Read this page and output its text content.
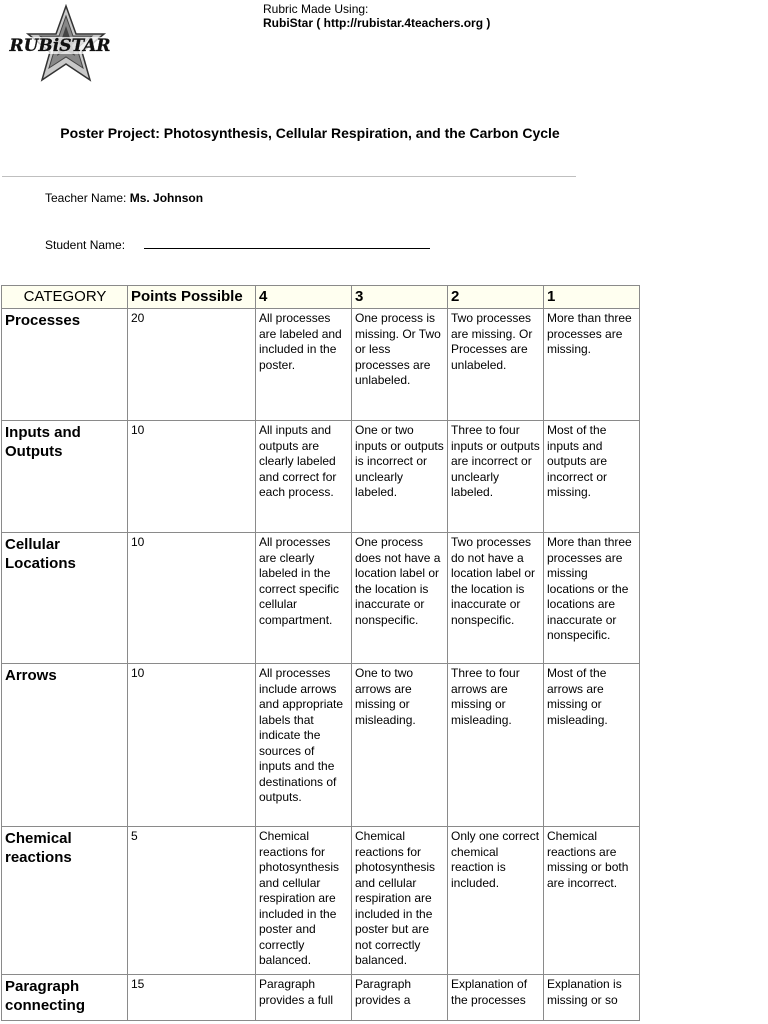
RUBiSTAR
Rubric Made Using:
RubiStar ( http://rubistar.4teachers.org )
Poster Project: Photosynthesis, Cellular Respiration, and the Carbon Cycle
Teacher Name: Ms. Johnson
Student Name:
CATEGORY	Points Possible	4	3	2	1
Processes	20	All processes are labeled and included in the poster.	One process is missing. Or Two or less processes are unlabeled.	Two processes are missing. Or Processes are unlabeled.	More than three processes are missing.
Inputs and Outputs	10	All inputs and outputs are clearly labeled and correct for each process.	One or two inputs or outputs is incorrect or unclearly labeled.	Three to four inputs or outputs are incorrect or unclearly labeled.	Most of the inputs and outputs are incorrect or missing.
Cellular Locations	10	All processes are clearly labeled in the correct specific cellular compartment.	One process does not have a location label or the location is inaccurate or nonspecific.	Two processes do not have a location label or the location is inaccurate or nonspecific.	More than three processes are missing locations or the locations are inaccurate or nonspecific.
Arrows	10	All processes include arrows and appropriate labels that indicate the sources of inputs and the destinations of outputs.	One to two arrows are missing or misleading.	Three to four arrows are missing or misleading.	Most of the arrows are missing or misleading.
Chemical reactions	5	Chemical reactions for photosynthesis and cellular respiration are included in the poster and correctly balanced.	Chemical reactions for photosynthesis and cellular respiration are included in the poster but are not correctly balanced.	Only one correct chemical reaction is included.	Chemical reactions are missing or both are incorrect.
Paragraph connecting	15	Paragraph provides a full	Paragraph provides a	Explanation of the processes	Explanation is missing or so
